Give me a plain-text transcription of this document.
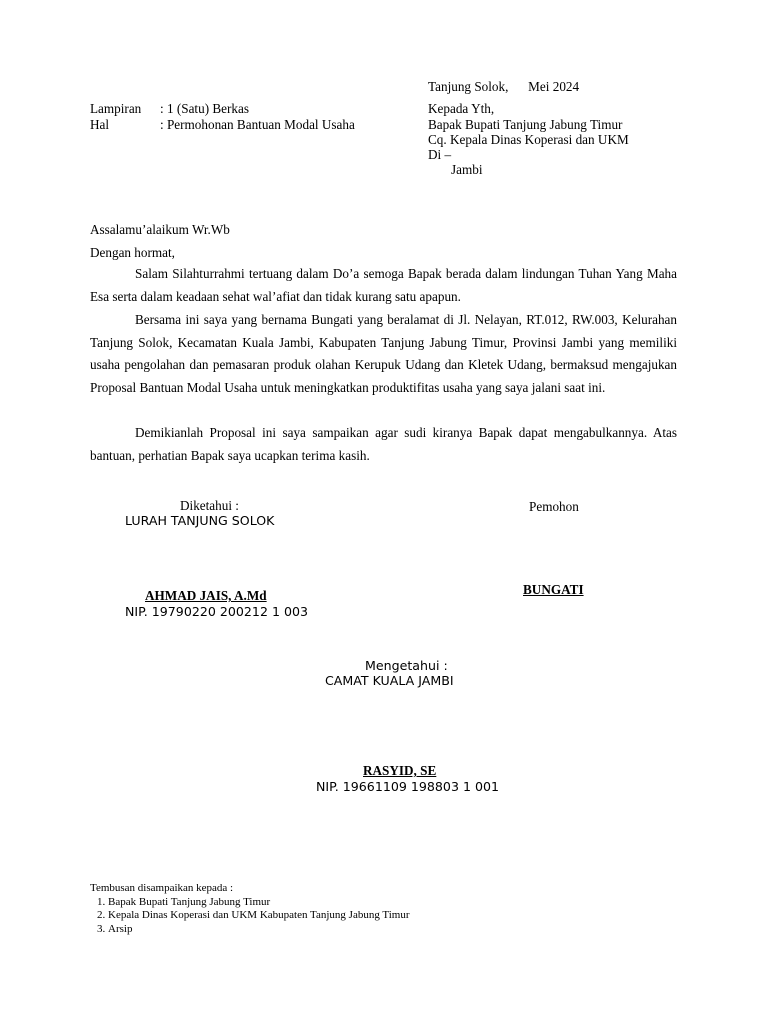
Tanjung Solok,      Mei 2024
Lampiran : 1 (Satu) Berkas
Hal	: Permohonan Bantuan Modal Usaha
Kepada Yth,
Bapak Bupati Tanjung Jabung Timur
Cq. Kepala Dinas Koperasi dan UKM
Di –
Jambi
Assalamu’alaikum Wr.Wb
Dengan hormat,

Salam Silahturrahmi tertuang dalam Do’a semoga Bapak berada dalam lindungan Tuhan Yang Maha Esa serta dalam keadaan sehat wal’afiat dan tidak kurang satu apapun.

Bersama ini saya yang bernama Bungati yang beralamat di Jl. Nelayan, RT.012, RW.003, Kelurahan Tanjung Solok, Kecamatan Kuala Jambi, Kabupaten Tanjung Jabung Timur, Provinsi Jambi yang memiliki usaha pengolahan dan pemasaran produk olahan Kerupuk Udang dan Kletek Udang, bermaksud mengajukan Proposal Bantuan Modal Usaha untuk meningkatkan produktifitas usaha yang saya jalani saat ini.

Demikianlah Proposal ini saya sampaikan agar sudi kiranya Bapak dapat mengabulkannya. Atas bantuan, perhatian Bapak saya ucapkan terima kasih.

Diketahui :
LURAH TANJUNG SOLOK
AHMAD JAIS, A.Md
NIP. 19790220 200212 1 003
Pemohon
BUNGATI
Mengetahui :
CAMAT KUALA JAMBI
RASYID, SE
NIP. 19661109 198803 1 001
Tembusan disampaikan kepada :
1. Bapak Bupati Tanjung Jabung Timur
2. Kepala Dinas Koperasi dan UKM Kabupaten Tanjung Jabung Timur
3. Arsip
